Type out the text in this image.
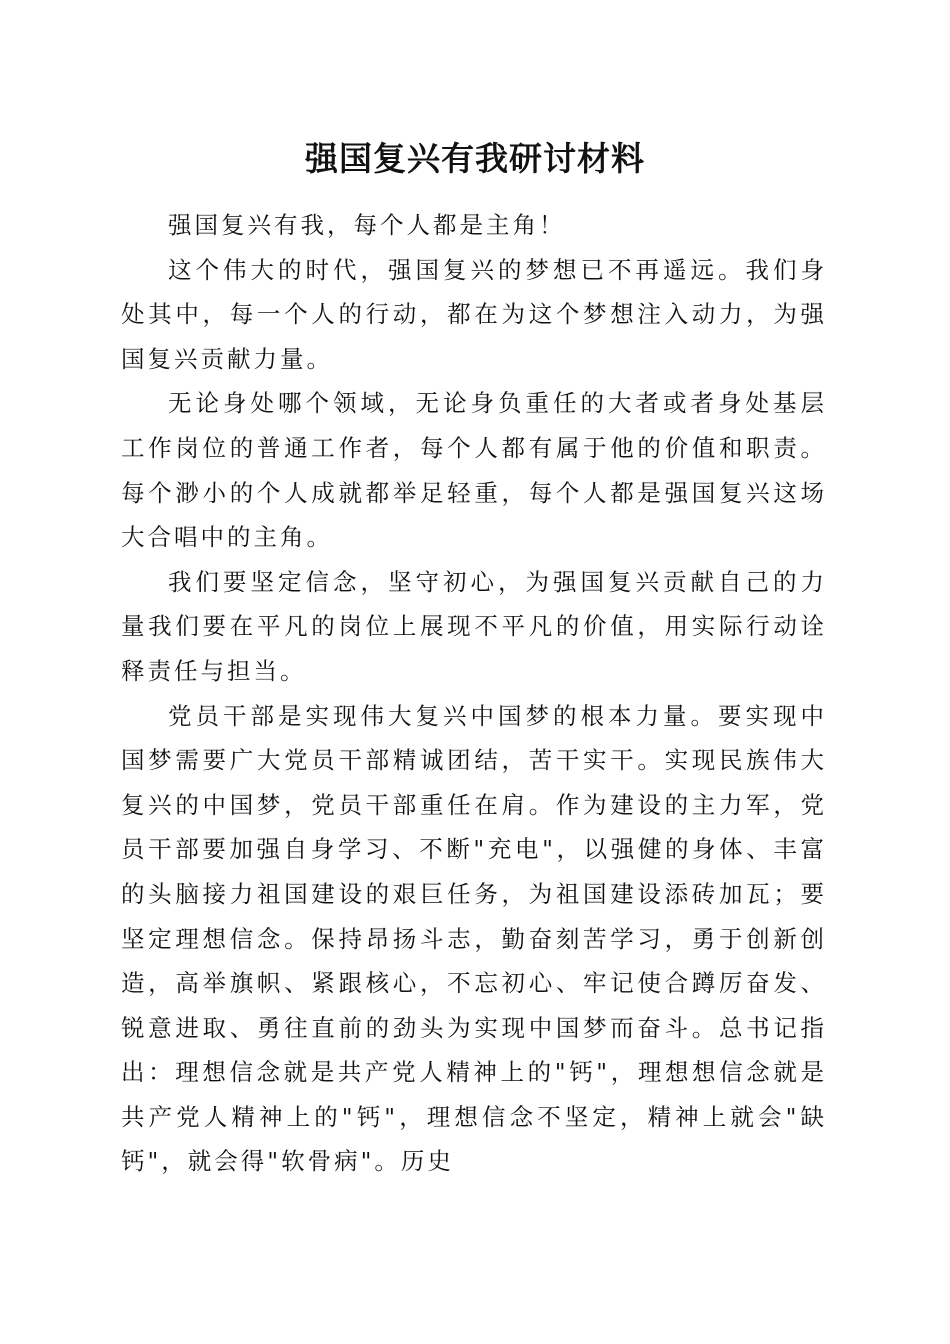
强国复兴有我研讨材料

强国复兴有我，每个人都是主角！

这个伟大的时代，强国复兴的梦想已不再遥远。我们身处其中，每一个人的行动，都在为这个梦想注入动力，为强国复兴贡献力量。

无论身处哪个领域，无论身负重任的大者或者身处基层工作岗位的普通工作者，每个人都有属于他的价值和职责。每个渺小的个人成就都举足轻重，每个人都是强国复兴这场大合唱中的主角。

我们要坚定信念，坚守初心，为强国复兴贡献自己的力量我们要在平凡的岗位上展现不平凡的价值，用实际行动诠释责任与担当。

党员干部是实现伟大复兴中国梦的根本力量。要实现中国梦需要广大党员干部精诚团结，苦干实干。实现民族伟大复兴的中国梦，党员干部重任在肩。作为建设的主力军，党员干部要加强自身学习、不断"充电"，以强健的身体、丰富的头脑接力祖国建设的艰巨任务，为祖国建设添砖加瓦；要坚定理想信念。保持昂扬斗志，勤奋刻苦学习，勇于创新创造，高举旗帜、紧跟核心，不忘初心、牢记使合蹲厉奋发、锐意进取、勇往直前的劲头为实现中国梦而奋斗。总书记指出：理想信念就是共产党人精神上的"钙"，理想想信念就是共产党人精神上的"钙"，理想信念不坚定，精神上就会"缺钙"，就会得"软骨病"。历史
